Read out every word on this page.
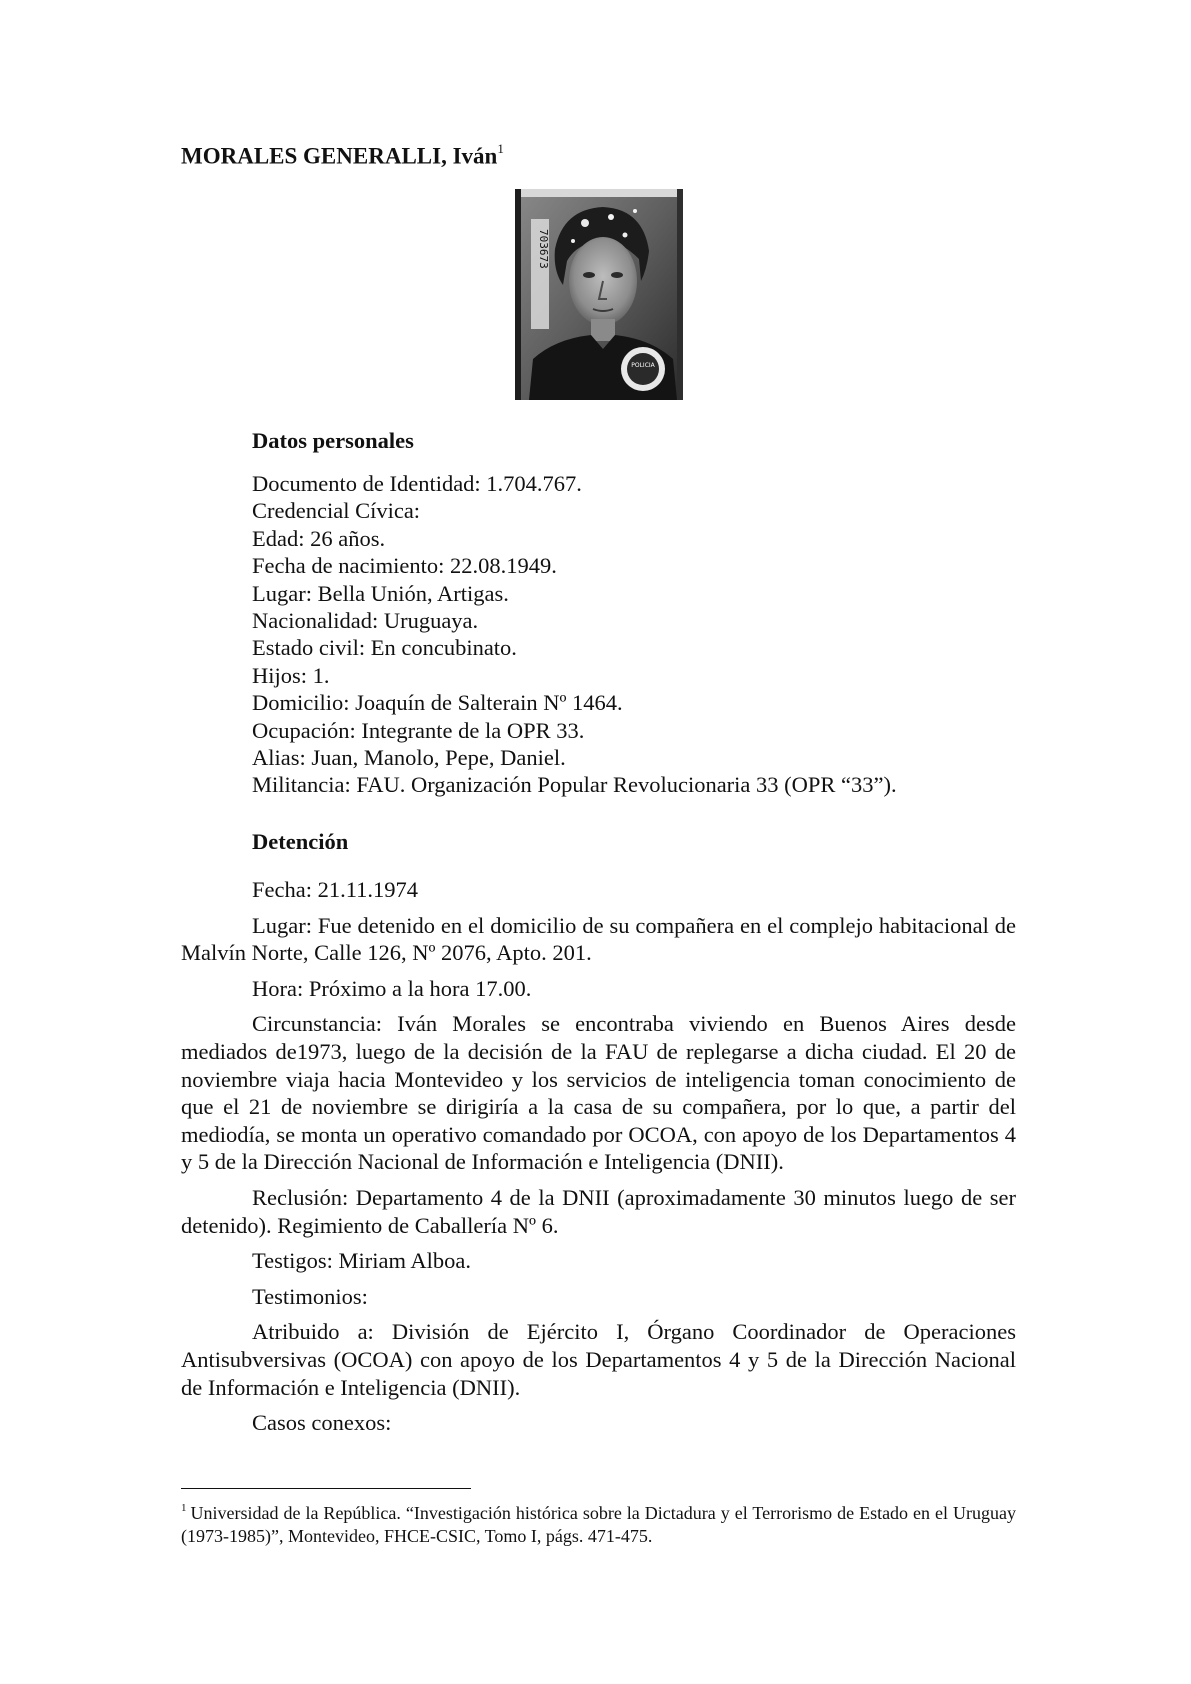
MORALES GENERALLI, Iván$^1$
POLICIA
703673
Datos personales
Documento de Identidad: 1.704.767.
Credencial Cívica:
Edad: 26 años.
Fecha de nacimiento: 22.08.1949.
Lugar: Bella Unión, Artigas.
Nacionalidad: Uruguaya.
Estado civil: En concubinato.
Hijos: 1.
Domicilio: Joaquín de Salterain Nº 1464.
Ocupación: Integrante de la OPR 33.
Alias: Juan, Manolo, Pepe, Daniel.
Militancia: FAU. Organización Popular Revolucionaria 33 (OPR “33”).
Detención

Fecha: 21.11.1974

Lugar: Fue detenido en el domicilio de su compañera en el complejo habitacional de Malvín Norte, Calle 126, Nº 2076, Apto. 201.

Hora: Próximo a la hora 17.00.

Circunstancia: Iván Morales se encontraba viviendo en Buenos Aires desde mediados de1973, luego de la decisión de la FAU de replegarse a dicha ciudad. El 20 de noviembre viaja hacia Montevideo y los servicios de inteligencia toman conocimiento de que el 21 de noviembre se dirigiría a la casa de su compañera, por lo que, a partir del mediodía, se monta un operativo comandado por OCOA, con apoyo de los Departamentos 4 y 5 de la Dirección Nacional de Información e Inteligencia (DNII).

Reclusión: Departamento 4 de la DNII (aproximadamente 30 minutos luego de ser detenido). Regimiento de Caballería Nº 6.

Testigos: Miriam Alboa.

Testimonios:

Atribuido a: División de Ejército I, Órgano Coordinador de Operaciones Antisubversivas (OCOA) con apoyo de los Departamentos 4 y 5 de la Dirección Nacional de Información e Inteligencia (DNII).

Casos conexos:

$^1$ Universidad de la República. “Investigación histórica sobre la Dictadura y el Terrorismo de Estado en el Uruguay (1973-1985)”, Montevideo, FHCE-CSIC, Tomo I, págs. 471-475.
